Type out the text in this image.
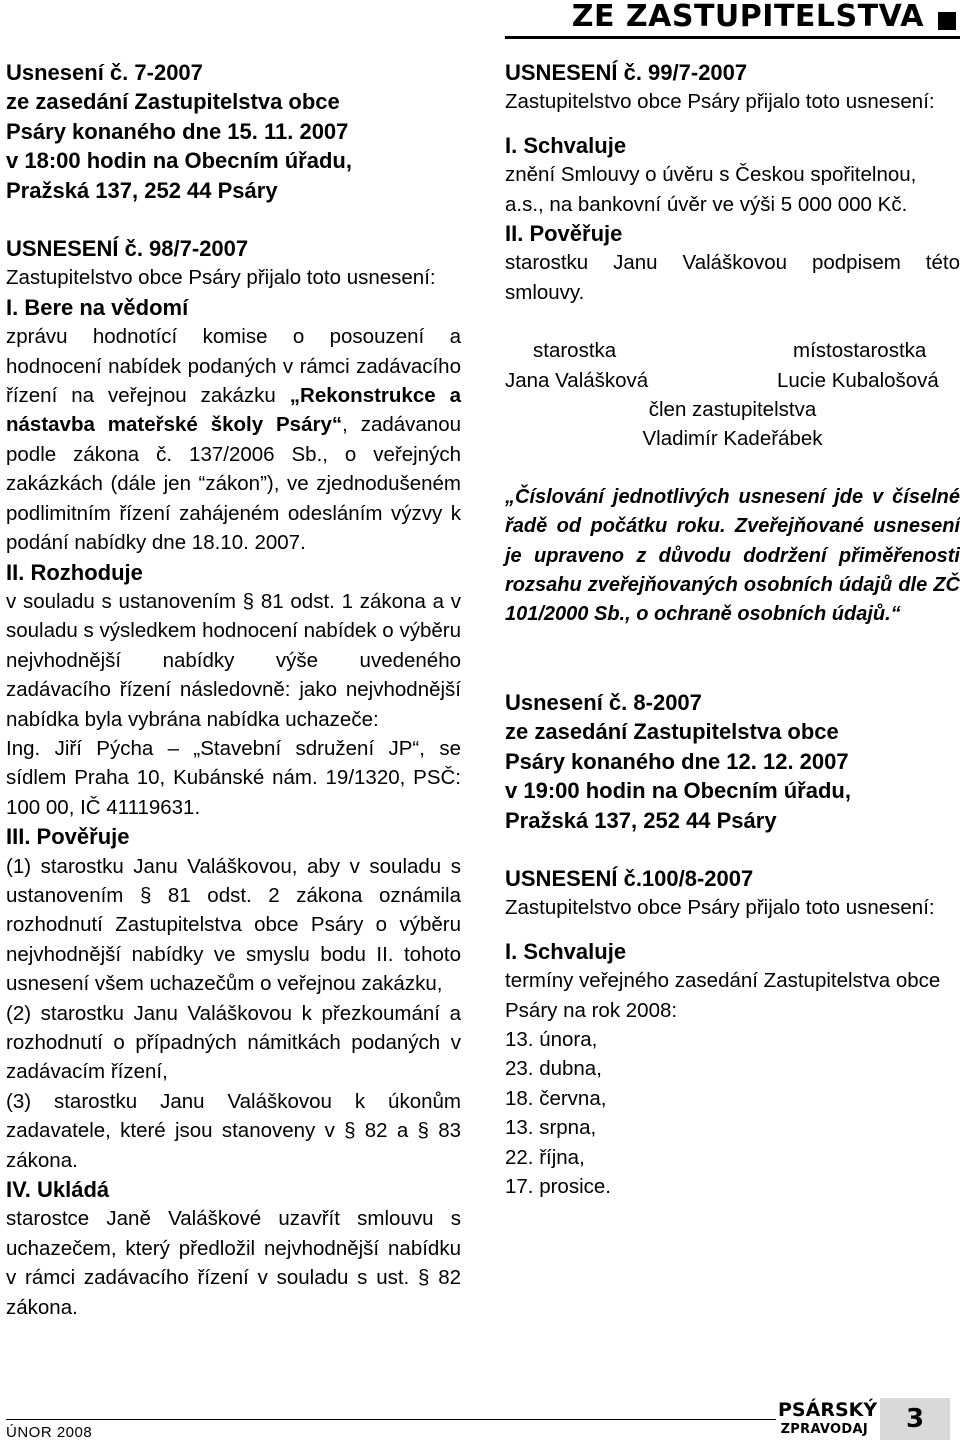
ZE ZASTUPITELSTVA
Usnesení č. 7-2007
ze zasedání Zastupitelstva obce
Psáry konaného dne 15. 11. 2007
v 18:00 hodin na Obecním úřadu,
Pražská 137, 252 44 Psáry
USNESENÍ č. 98/7-2007
Zastupitelstvo obce Psáry přijalo toto usnesení:
I. Bere na vědomí
zprávu hodnotící komise o posouzení a hodnocení nabídek podaných v rámci zadávacího řízení na veřejnou zakázku „Rekonstrukce a nástavba mateřské školy Psáry“, zadávanou podle zákona č. 137/2006 Sb., o veřejných zakázkách (dále jen “zákon”), ve zjednodušeném podlimitním řízení zahájeném odesláním výzvy k podání nabídky dne 18.10. 2007.
II. Rozhoduje
v souladu s ustanovením § 81 odst. 1 zákona a v souladu s výsledkem hodnocení nabídek o výběru nejvhodnější nabídky výše uvedeného zadávacího řízení následovně: jako nejvhodnější nabídka byla vybrána nabídka uchazeče:
Ing. Jiří Pýcha – „Stavební sdružení JP“, se sídlem Praha 10, Kubánské nám. 19/1320, PSČ: 100 00, IČ 41119631.
III. Pověřuje
(1) starostku Janu Valáškovou, aby v souladu s ustanovením § 81 odst. 2 zákona oznámila rozhodnutí Zastupitelstva obce Psáry o výběru nejvhodnější nabídky ve smyslu bodu II. tohoto usnesení všem uchazečům o veřejnou zakázku,
(2) starostku Janu Valáškovou k přezkoumání a rozhodnutí o případných námitkách podaných v zadávacím řízení,
(3) starostku Janu Valáškovou k úkonům zadavatele, které jsou stanoveny v § 82 a § 83 zákona.
IV. Ukládá
starostce Janě Valáškové uzavřít smlouvu s uchazečem, který předložil nejvhodnější nabídku v rámci zadávacího řízení v souladu s ust. § 82 zákona.
USNESENÍ č. 99/7-2007
Zastupitelstvo obce Psáry přijalo toto usnesení:
I. Schvaluje
znění Smlouvy o úvěru s Českou spořitelnou, a.s., na bankovní úvěr ve výši 5 000 000 Kč.
II. Pověřuje
starostku Janu Valáškovou podpisem této smlouvy.
starostka	místostarostka
Jana Valášková	Lucie Kubalošová
člen zastupitelstva
Vladimír Kadeřábek
„Číslování jednotlivých usnesení jde v číselné řadě od počátku roku. Zveřejňované usnesení je upraveno z důvodu dodržení přiměřenosti rozsahu zveřejňovaných osobních údajů dle ZČ 101/2000 Sb., o ochraně osobních údajů.“
Usnesení č. 8-2007
ze zasedání Zastupitelstva obce
Psáry konaného dne 12. 12. 2007
v 19:00 hodin na Obecním úřadu,
Pražská 137, 252 44 Psáry
USNESENÍ č.100/8-2007
Zastupitelstvo obce Psáry přijalo toto usnesení:
I. Schvaluje
termíny veřejného zasedání Zastupitelstva obce Psáry na rok 2008:
13. února,
23. dubna,
18. června,
13. srpna,
22. října,
17. prosice.
ÚNOR 2008
PSÁRSKÝ
ZPRAVODAJ	3
